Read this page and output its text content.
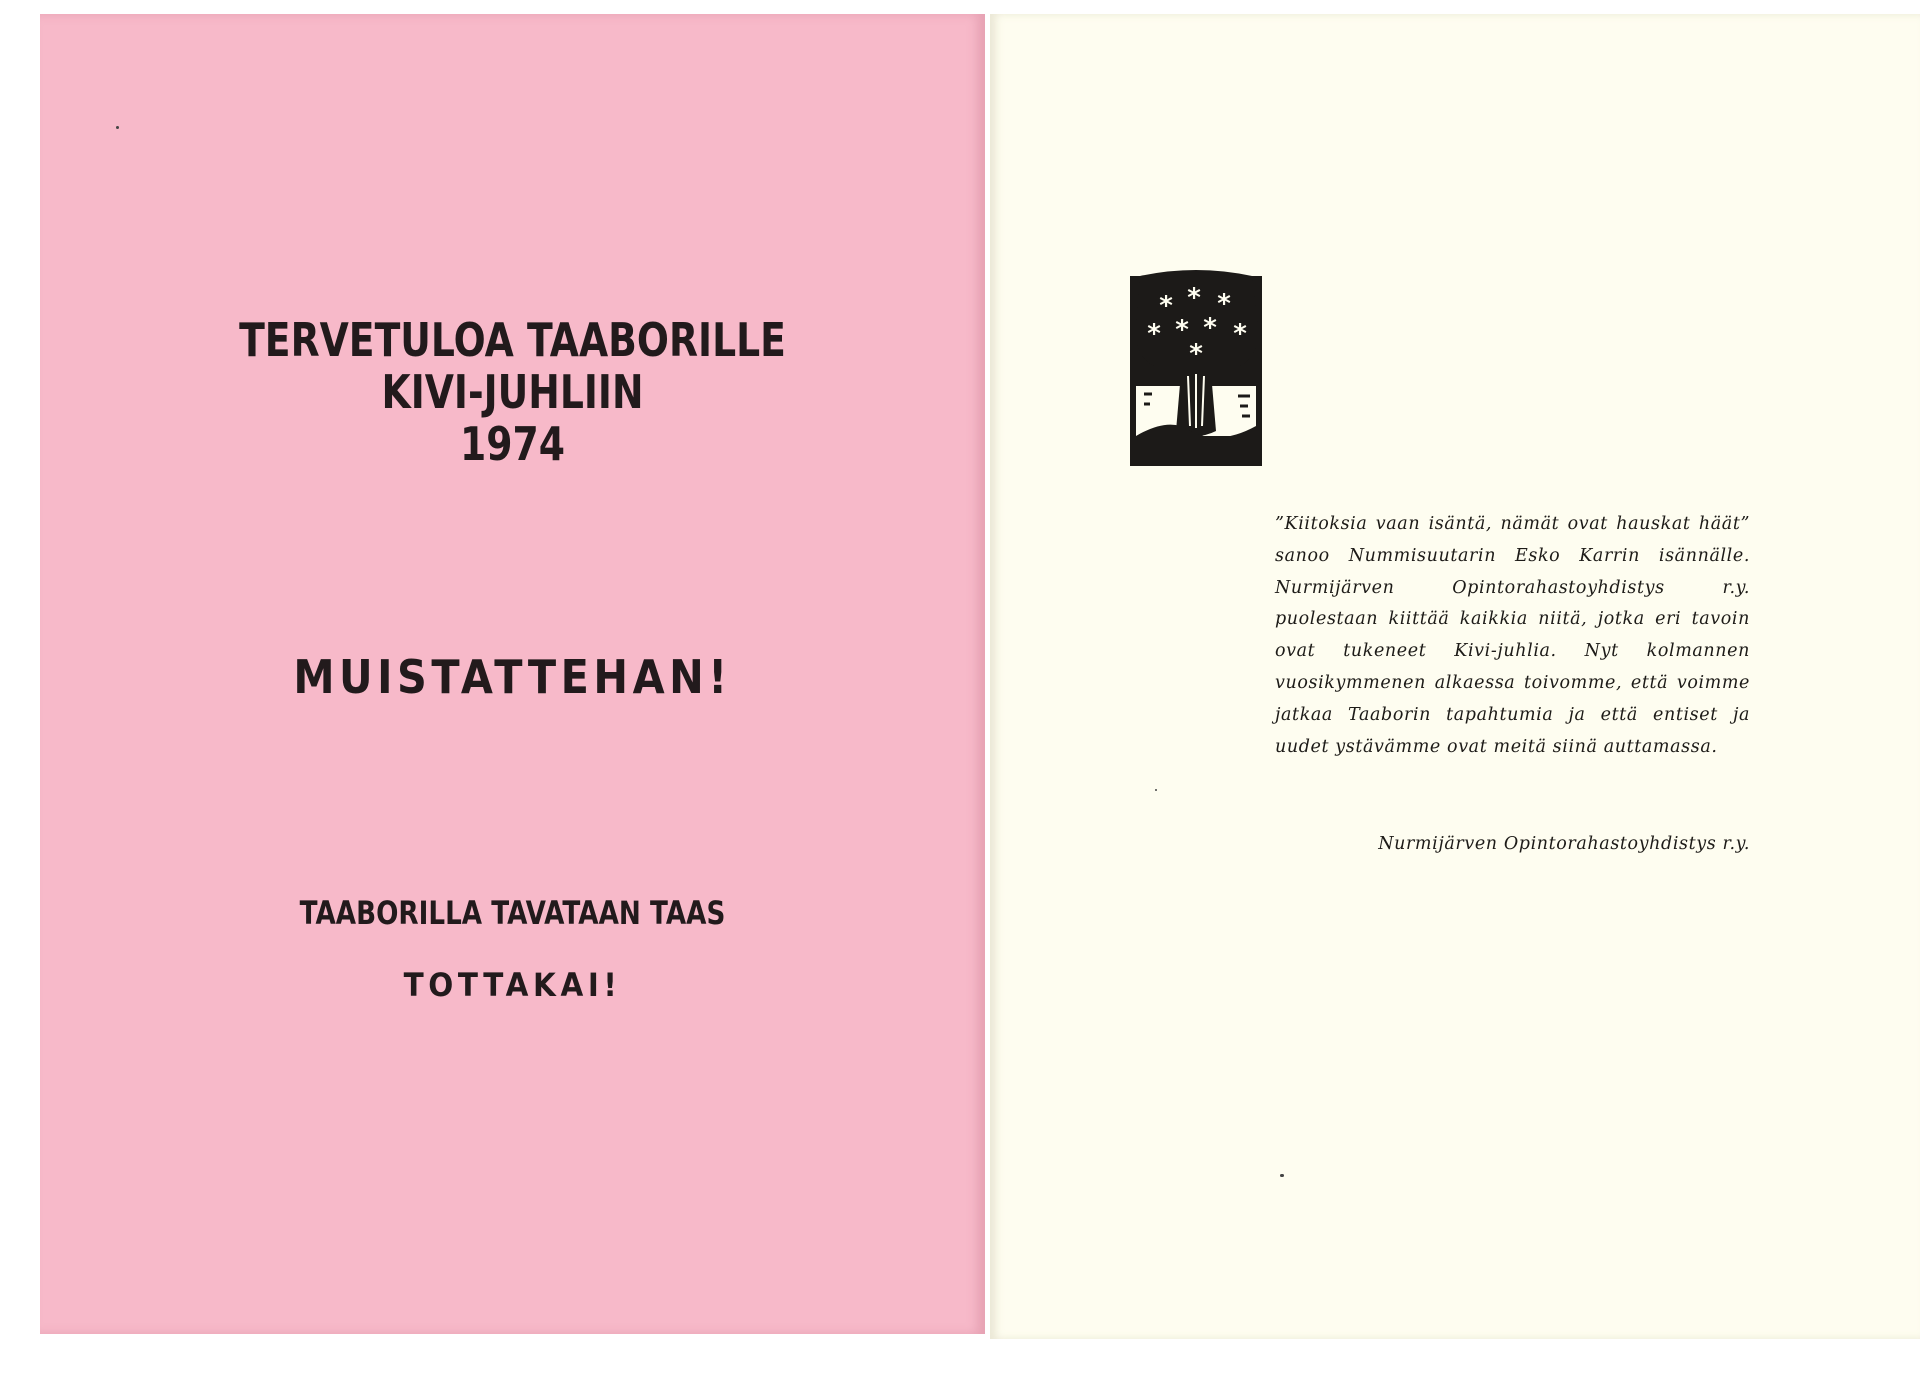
TERVETULOA TAABORILLE
KIVI-JUHLIIN
1974
MUISTATTEHAN!
TAABORILLA TAVATAAN TAAS
TOTTAKAI!
* * *
* * * *
*
”Kiitoksia vaan isäntä, nämät ovat hauskat häät” sanoo Nummisuutarin Esko Karrin isännälle. Nurmijärven Opintorahastoyhdistys r.y. puolestaan kiittää kaikkia niitä, jotka eri tavoin ovat tukeneet Kivi-juhlia. Nyt kolmannen vuosikymmenen alkaessa toivomme, että voimme jatkaa Taaborin tapahtumia ja että entiset ja uudet ystävämme ovat meitä siinä auttamassa.
Nurmijärven Opintorahastoyhdistys r.y.
